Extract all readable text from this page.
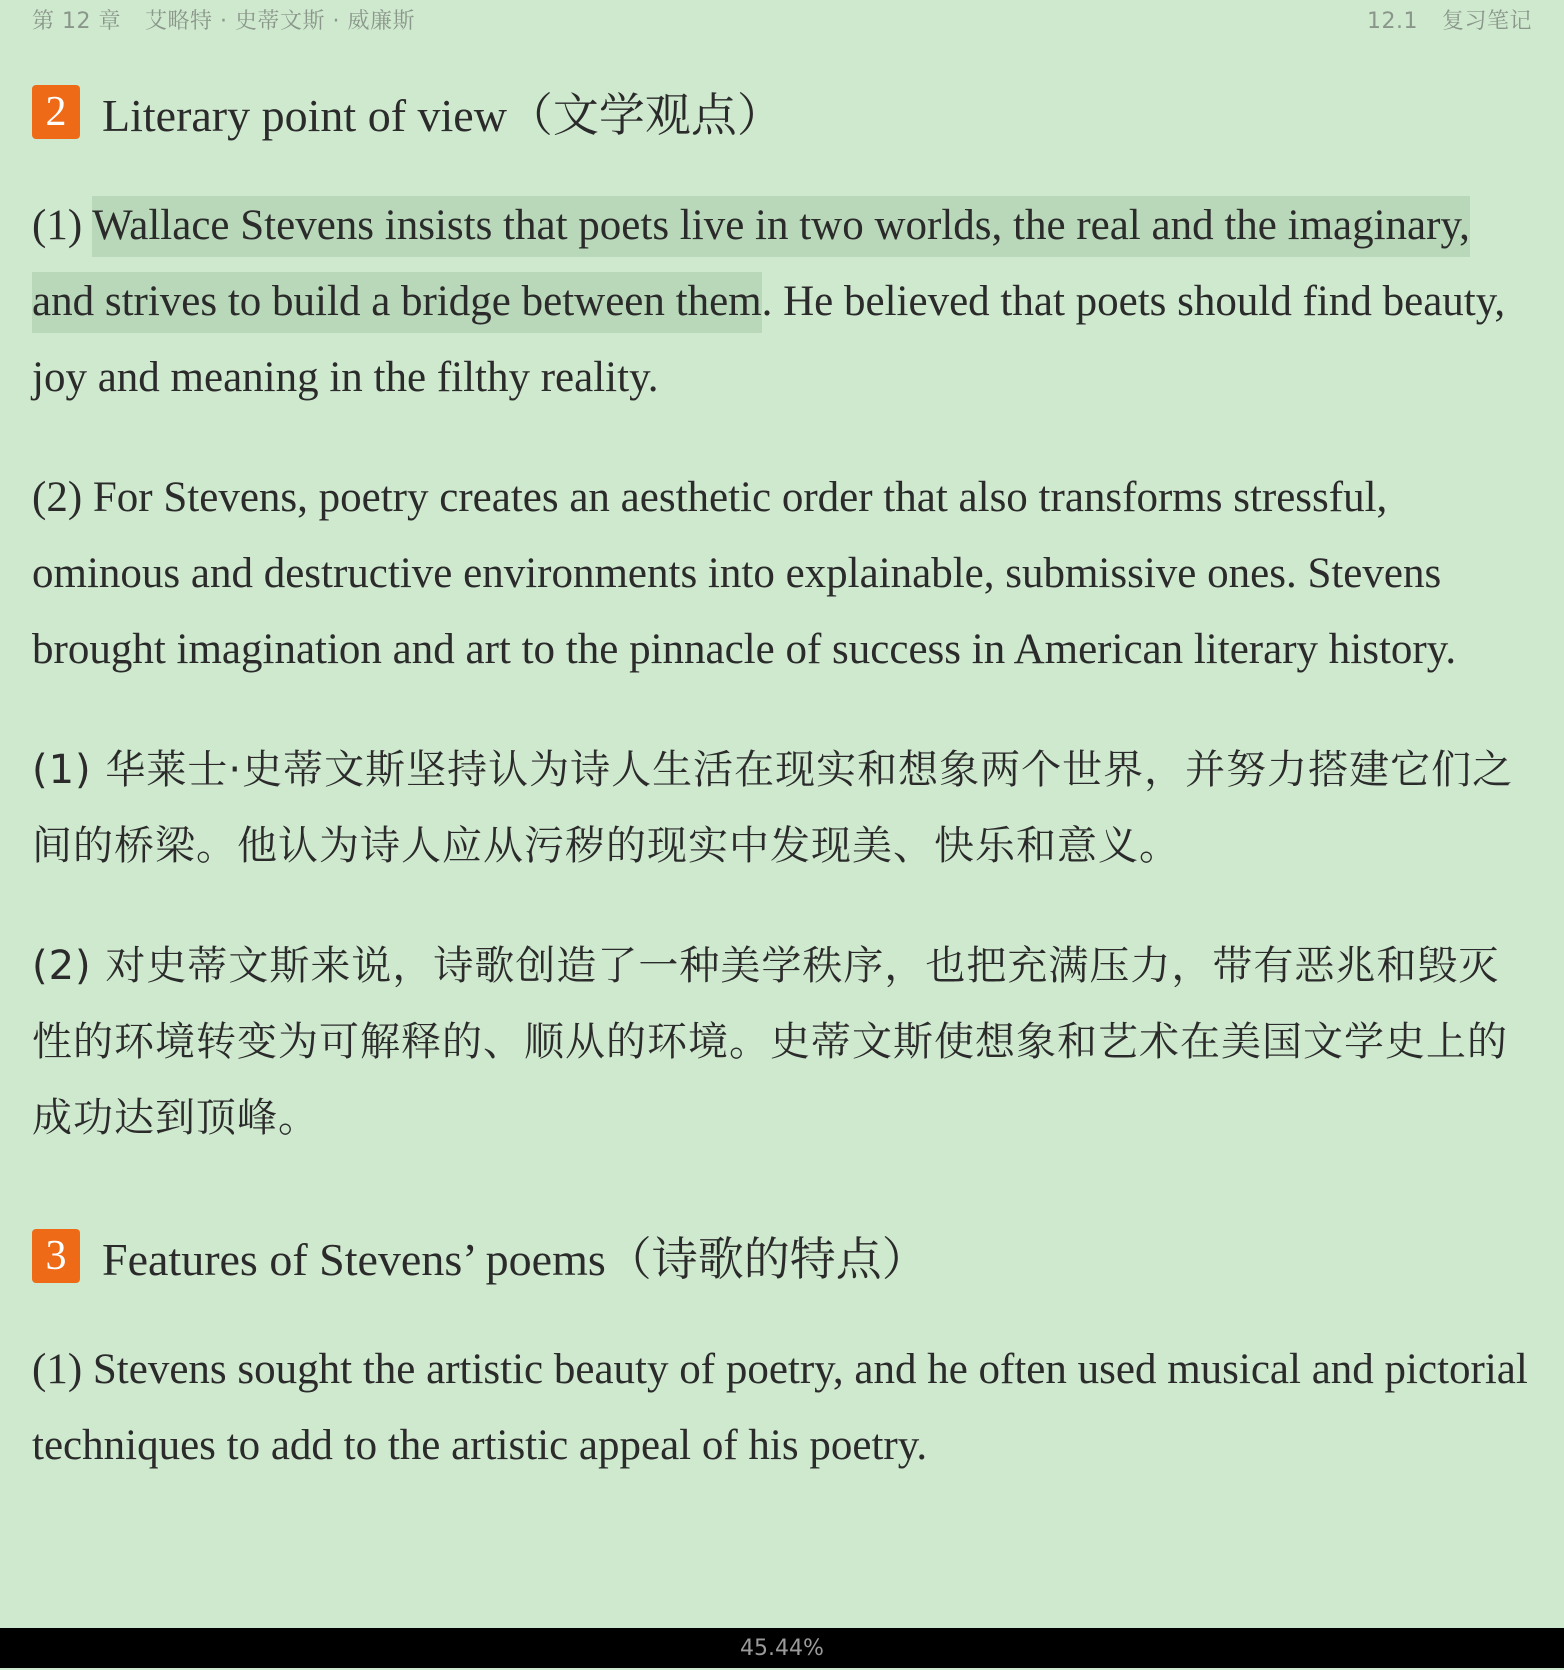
第 12 章 艾略特 · 史蒂文斯 · 威廉斯	12.1 复习笔记
2 Literary point of view（文学观点）

(1) Wallace Stevens insists that poets live in two worlds, the real and the imaginary, and strives to build a bridge between them. He believed that poets should find beauty, joy and meaning in the filthy reality.

(2) For Stevens, poetry creates an aesthetic order that also transforms stressful, ominous and destructive environments into explainable, submissive ones. Stevens brought imagination and art to the pinnacle of success in American literary history.

(1) 华莱士·史蒂文斯坚持认为诗人生活在现实和想象两个世界，并努力搭建它们之间的桥梁。他认为诗人应从污秽的现实中发现美、快乐和意义。

(2) 对史蒂文斯来说，诗歌创造了一种美学秩序，也把充满压力，带有恶兆和毁灭性的环境转变为可解释的、顺从的环境。史蒂文斯使想象和艺术在美国文学史上的成功达到顶峰。

3 Features of Stevens’ poems（诗歌的特点）

(1) Stevens sought the artistic beauty of poetry, and he often used musical and pictorial techniques to add to the artistic appeal of his poetry.

45.44%
